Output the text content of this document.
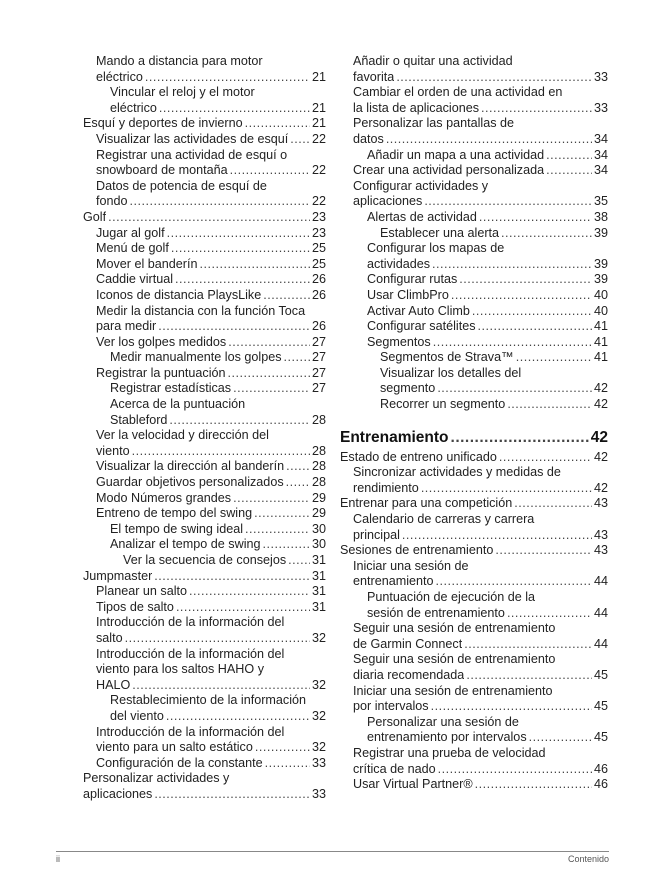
Mando a distancia para motor
eléctrico .....	21
Vincular el reloj y el motor
eléctrico .....	21
Esquí y deportes de invierno .....	21
Visualizar las actividades de esquí ..... 22
Registrar una actividad de esquí o
snowboard de montaña .....	22
Datos de potencia de esquí de
fondo .....	22
Golf .....	23
Jugar al golf .....	23
Menú de golf .....	25
Mover el banderín .....	25
Caddie virtual .....	26
Iconos de distancia PlaysLike .....	26
Medir la distancia con la función Toca
para medir .....	26
Ver los golpes medidos .....	27
Medir manualmente los golpes ..... 27
Registrar la puntuación .....	27
Registrar estadísticas .....	27
Acerca de la puntuación
Stableford .....	28
Ver la velocidad y dirección del
viento .....	28
Visualizar la dirección al banderín ..... 28
Guardar objetivos personalizados ..... 28
Modo Números grandes .....	29
Entreno de tempo del swing .....	29
El tempo de swing ideal .....	30
Analizar el tempo de swing .....	30
Ver la secuencia de consejos ..... 31
Jumpmaster .....	31
Planear un salto .....	31
Tipos de salto .....	31
Introducción de la información del
salto .....	32
Introducción de la información del
viento para los saltos HAHO y
HALO .....	32
Restablecimiento de la información
del viento .....	32
Introducción de la información del
viento para un salto estático .....	32
Configuración de la constante .....	33
Personalizar actividades y
aplicaciones .....	33
Añadir o quitar una actividad
favorita .....	33
Cambiar el orden de una actividad en
la lista de aplicaciones .....	33
Personalizar las pantallas de
datos .....	34
Añadir un mapa a una actividad .....	34
Crear una actividad personalizada .....	34
Configurar actividades y
aplicaciones .....	35
Alertas de actividad .....	38
Establecer una alerta .....	39
Configurar los mapas de
actividades .....	39
Configurar rutas .....	39
Usar ClimbPro .....	40
Activar Auto Climb .....	40
Configurar satélites .....	41
Segmentos .....	41
Segmentos de Strava™ .....	41
Visualizar los detalles del
segmento .....	42
Recorrer un segmento .....	42
Entrenamiento .....	42
Estado de entreno unificado .....	42
Sincronizar actividades y medidas de
rendimiento .....	42
Entrenar para una competición .....	43
Calendario de carreras y carrera
principal .....	43
Sesiones de entrenamiento .....	43
Iniciar una sesión de
entrenamiento .....	44
Puntuación de ejecución de la
sesión de entrenamiento .....	44
Seguir una sesión de entrenamiento
de Garmin Connect .....	44
Seguir una sesión de entrenamiento
diaria recomendada .....	45
Iniciar una sesión de entrenamiento
por intervalos .....	45
Personalizar una sesión de
entrenamiento por intervalos .....	45
Registrar una prueba de velocidad
crítica de nado .....	46
Usar Virtual Partner® .....	46
ii	Contenido
